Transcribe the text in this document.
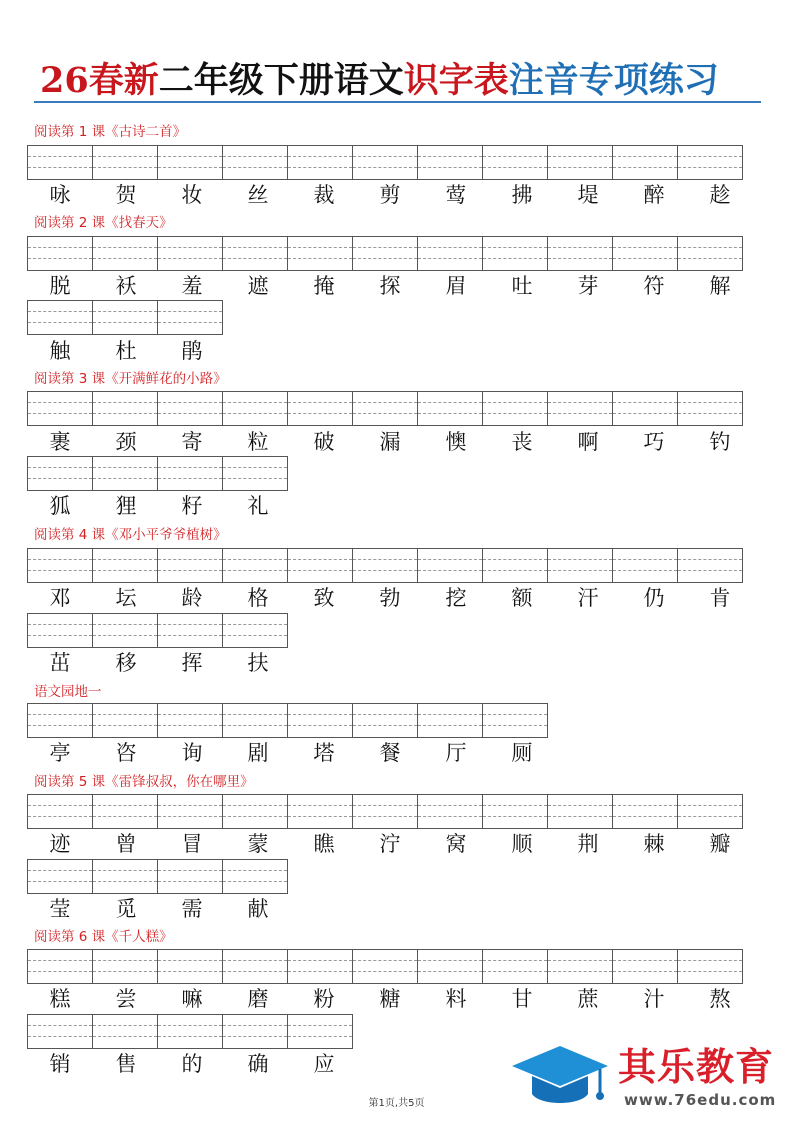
26春新二年级下册语文识字表注音专项练习
阅读第 1 课《古诗二首》
咏	贺	妆	丝	裁	剪	莺	拂	堤	醉	趁
阅读第 2 课《找春天》
脱	袄	羞	遮	掩	探	眉	吐	芽	符	解
触	杜	鹃
阅读第 3 课《开满鲜花的小路》
裹	颈	寄	粒	破	漏	懊	丧	啊	巧	钓
狐	狸	籽	礼
阅读第 4 课《邓小平爷爷植树》
邓	坛	龄	格	致	勃	挖	额	汗	仍	肯
茁	移	挥	扶
语文园地一
亭	咨	询	剧	塔	餐	厅	厕
阅读第 5 课《雷锋叔叔，你在哪里》
迹	曾	冒	蒙	瞧	泞	窝	顺	荆	棘	瓣
莹	觅	需	献
阅读第 6 课《千人糕》
糕	尝	嘛	磨	粉	糖	料	甘	蔗	汁	熬
销	售	的	确	应
第1页,共5页
其乐教育
www.76edu.com
